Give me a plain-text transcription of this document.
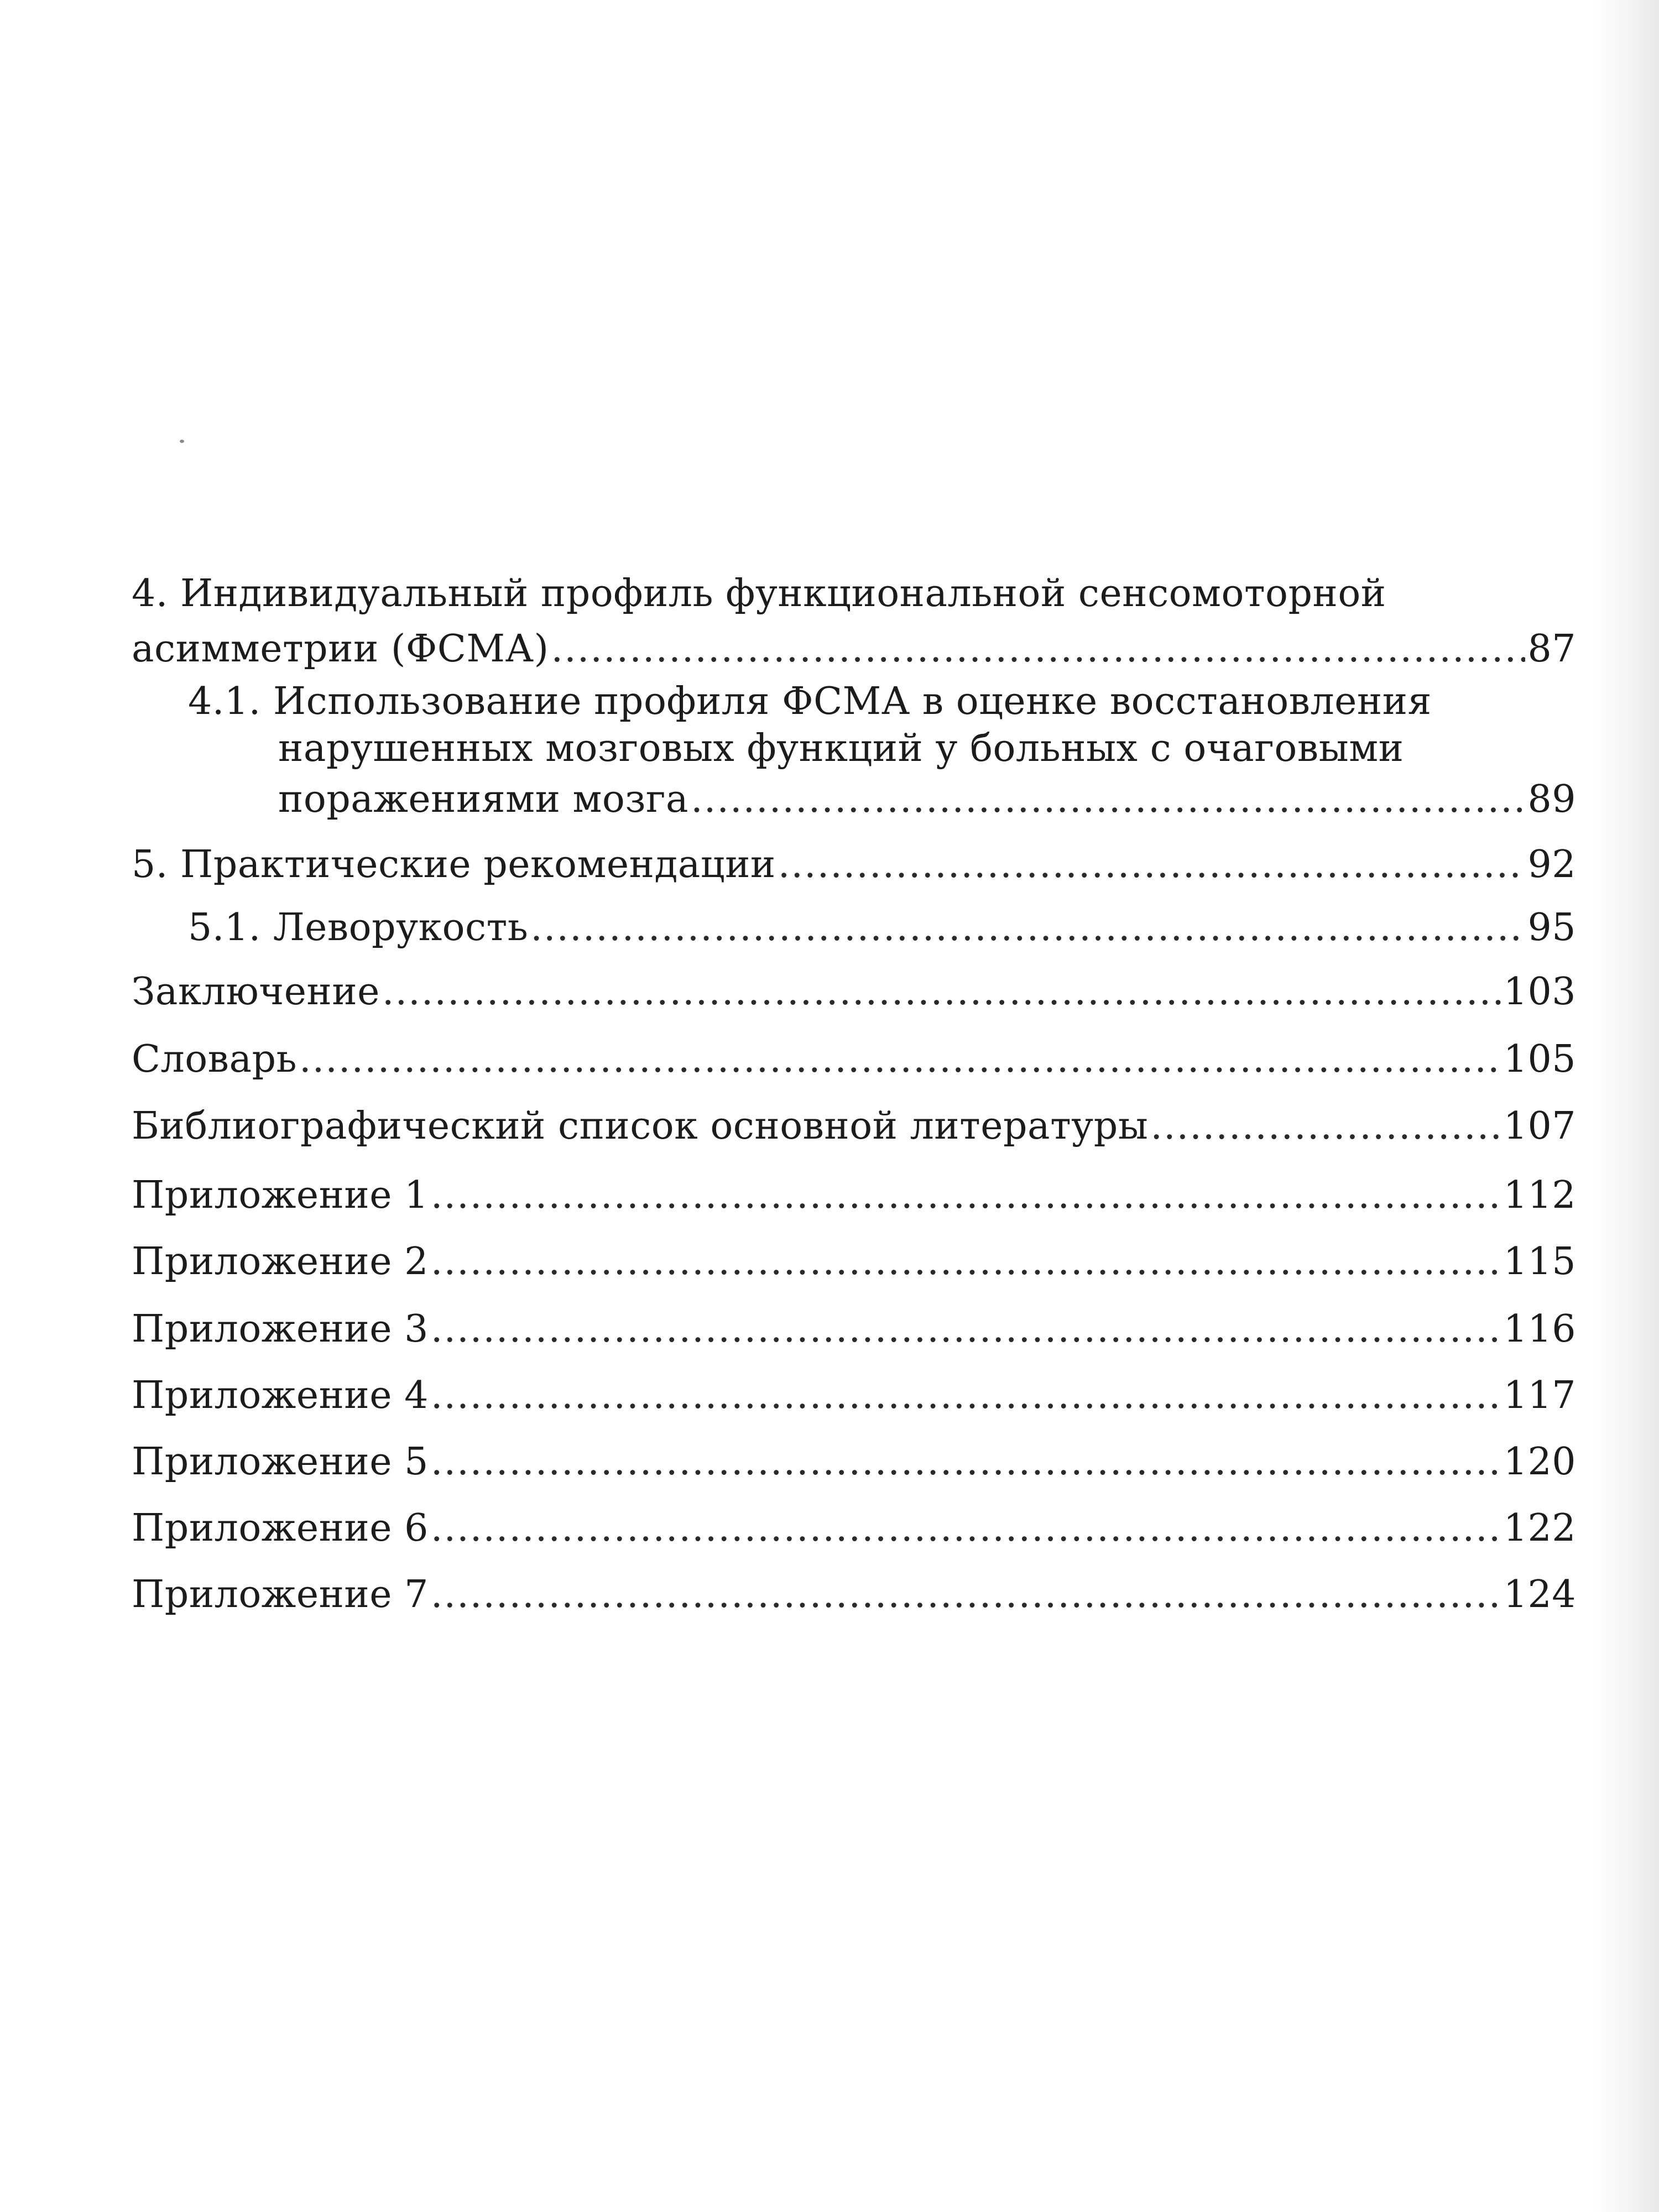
4. Индивидуальный профиль функциональной сенсомоторной
асимметрии (ФСМА) .....	87
4.1. Использование профиля ФСМА в оценке восстановления
нарушенных мозговых функций у больных с очаговыми
поражениями мозга .....	89
5. Практические рекомендации .....	92
5.1. Леворукость .....	95
Заключение .....	103
Словарь .....	105
Библиографический список основной литературы .....	107
Приложение 1 .....	112
Приложение 2 .....	115
Приложение 3 .....	116
Приложение 4 .....	117
Приложение 5 .....	120
Приложение 6 .....	122
Приложение 7 .....	124
